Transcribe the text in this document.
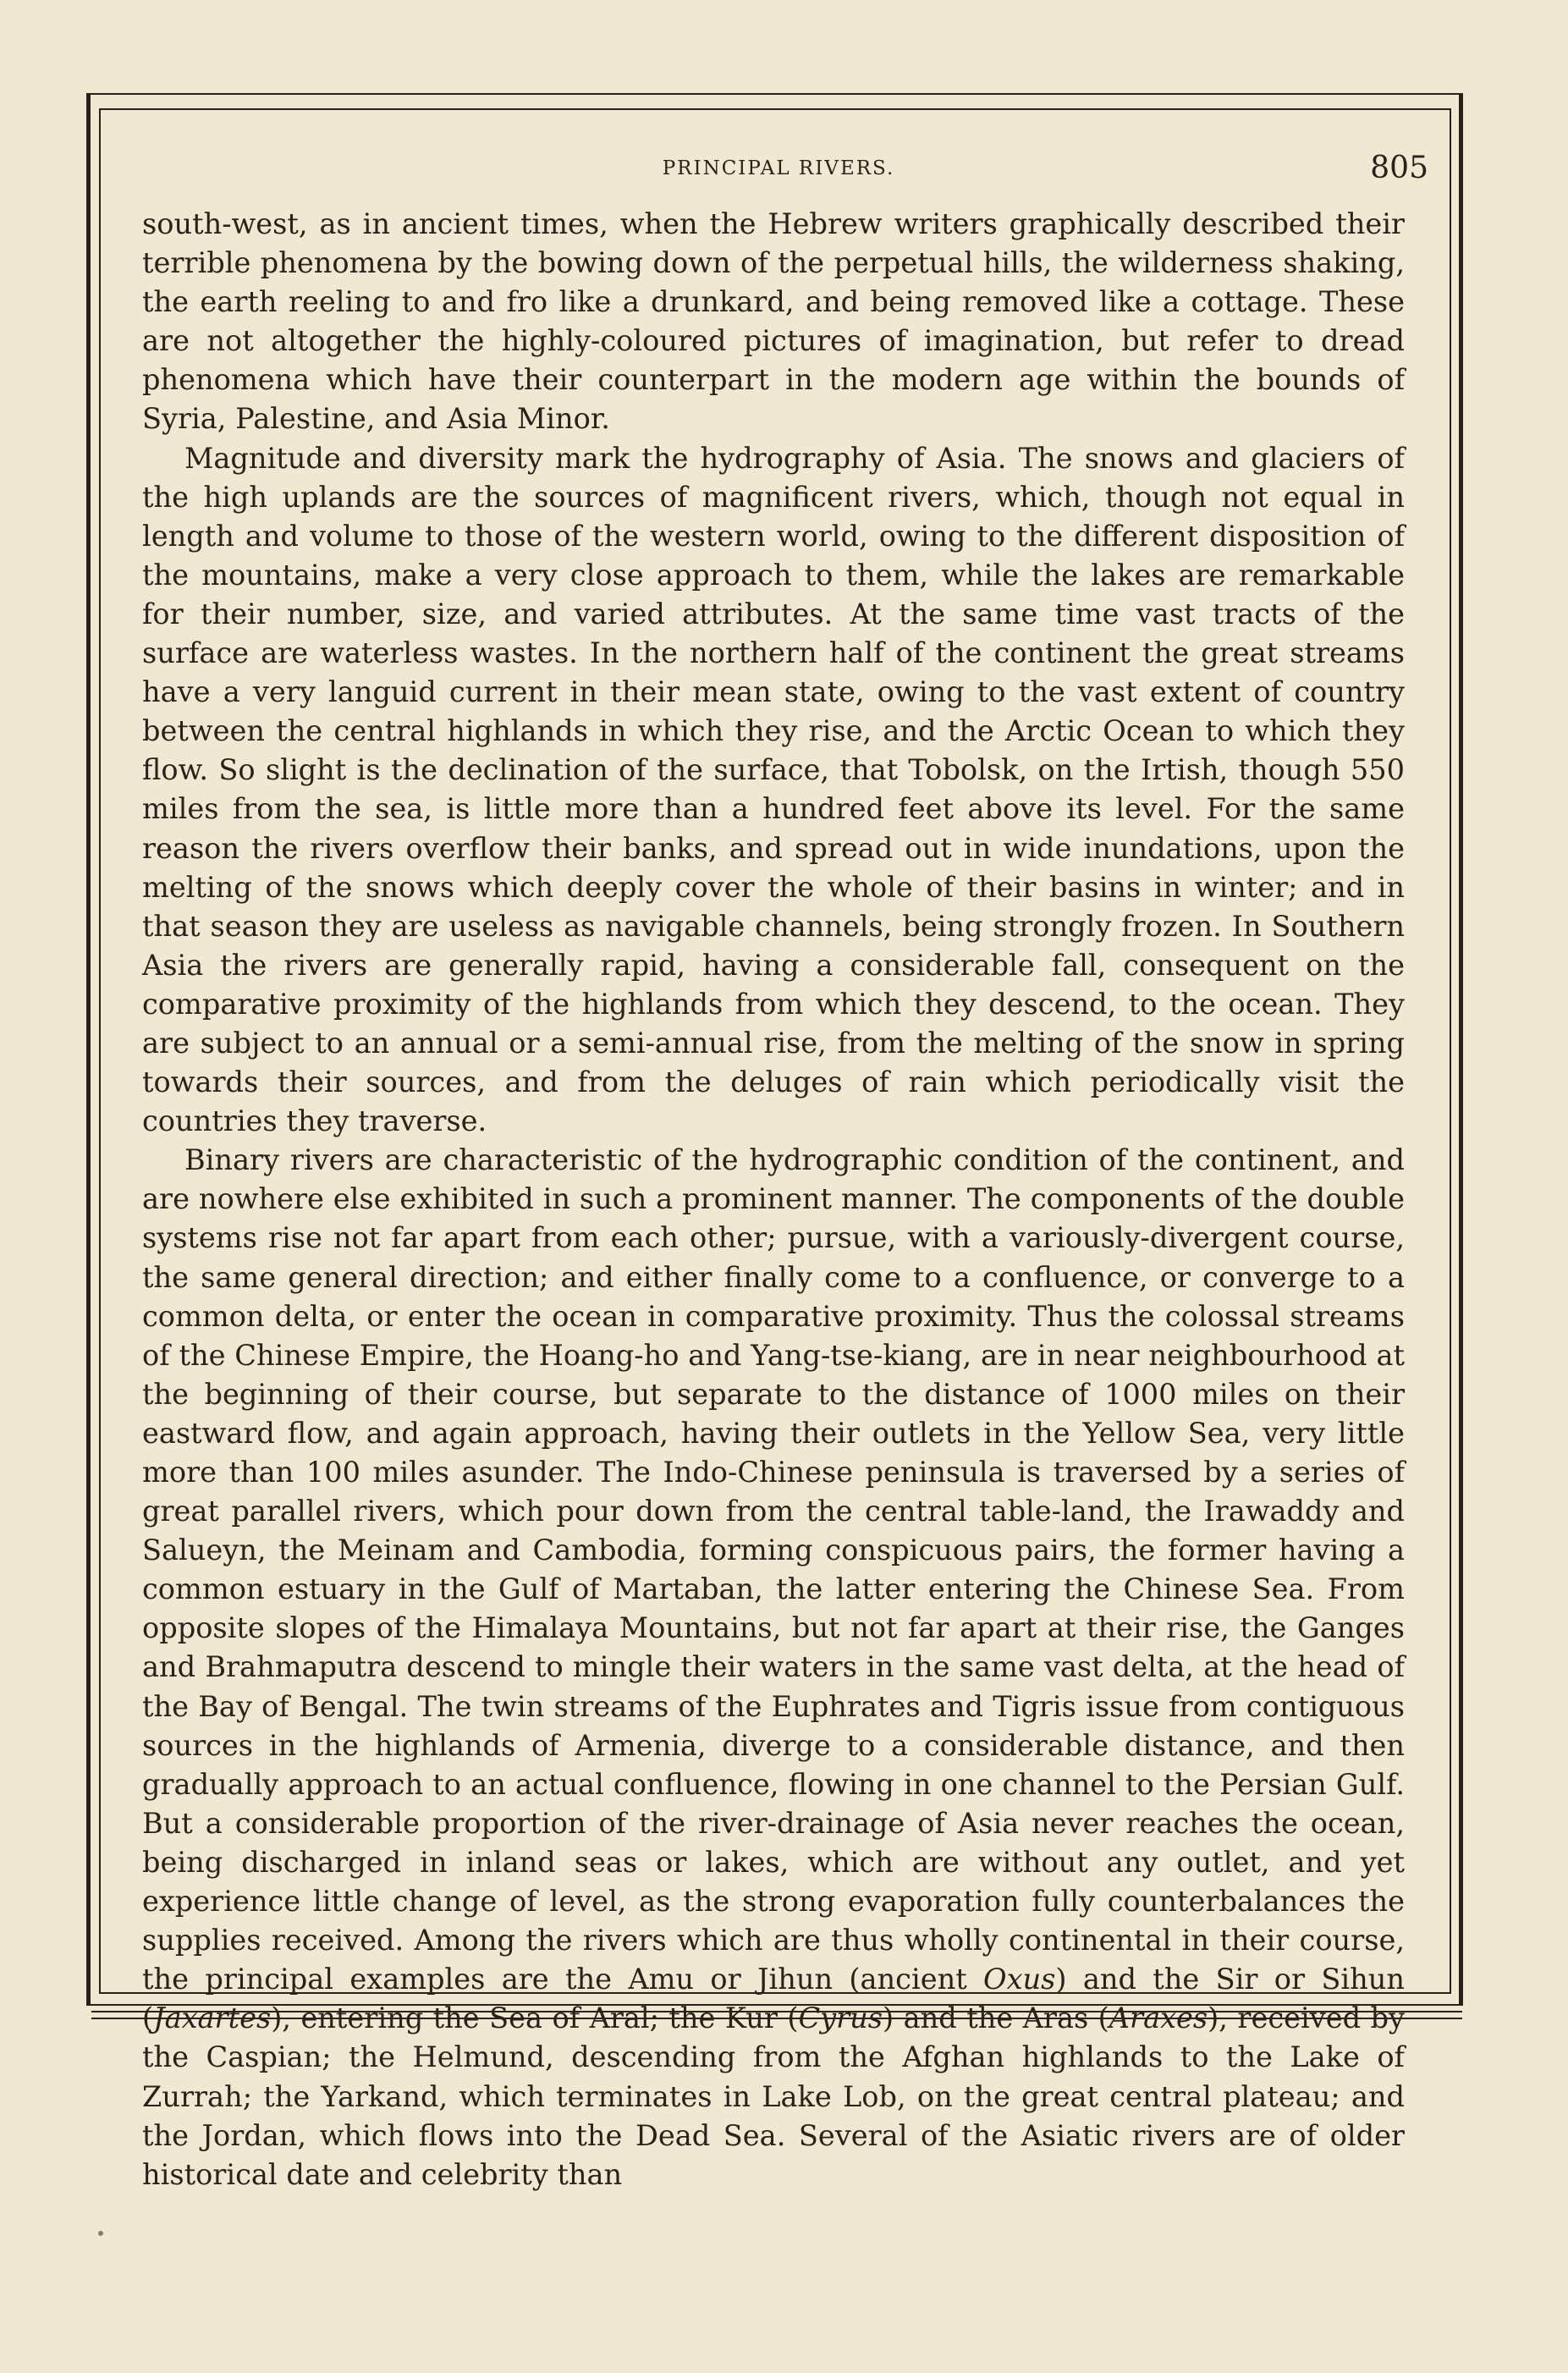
PRINCIPAL RIVERS.	805

south-west, as in ancient times, when the Hebrew writers graphically described their terrible phenomena by the bowing down of the perpetual hills, the wilderness shaking, the earth reeling to and fro like a drunkard, and being removed like a cottage. These are not altogether the highly-coloured pictures of imagination, but refer to dread phenomena which have their counterpart in the modern age within the bounds of Syria, Palestine, and Asia Minor.

Magnitude and diversity mark the hydrography of Asia. The snows and glaciers of the high uplands are the sources of magnificent rivers, which, though not equal in length and volume to those of the western world, owing to the different disposition of the mountains, make a very close approach to them, while the lakes are remarkable for their number, size, and varied attributes. At the same time vast tracts of the surface are waterless wastes. In the northern half of the continent the great streams have a very languid current in their mean state, owing to the vast extent of country between the central highlands in which they rise, and the Arctic Ocean to which they flow. So slight is the declination of the surface, that Tobolsk, on the Irtish, though 550 miles from the sea, is little more than a hundred feet above its level. For the same reason the rivers overflow their banks, and spread out in wide inundations, upon the melting of the snows which deeply cover the whole of their basins in winter; and in that season they are useless as navigable channels, being strongly frozen. In Southern Asia the rivers are generally rapid, having a considerable fall, consequent on the comparative proximity of the highlands from which they descend, to the ocean. They are subject to an annual or a semi-annual rise, from the melting of the snow in spring towards their sources, and from the deluges of rain which periodically visit the countries they traverse.

Binary rivers are characteristic of the hydrographic condition of the continent, and are nowhere else exhibited in such a prominent manner. The components of the double systems rise not far apart from each other; pursue, with a variously-divergent course, the same general direction; and either finally come to a confluence, or converge to a common delta, or enter the ocean in comparative proximity. Thus the colossal streams of the Chinese Empire, the Hoang-ho and Yang-tse-kiang, are in near neighbourhood at the beginning of their course, but separate to the distance of 1000 miles on their eastward flow, and again approach, having their outlets in the Yellow Sea, very little more than 100 miles asunder. The Indo-Chinese peninsula is traversed by a series of great parallel rivers, which pour down from the central table-land, the Irawaddy and Salueyn, the Meinam and Cambodia, forming conspicuous pairs, the former having a common estuary in the Gulf of Martaban, the latter entering the Chinese Sea. From opposite slopes of the Himalaya Mountains, but not far apart at their rise, the Ganges and Brahmaputra descend to mingle their waters in the same vast delta, at the head of the Bay of Bengal. The twin streams of the Euphrates and Tigris issue from contiguous sources in the highlands of Armenia, diverge to a considerable distance, and then gradually approach to an actual confluence, flowing in one channel to the Persian Gulf. But a considerable proportion of the river-drainage of Asia never reaches the ocean, being discharged in inland seas or lakes, which are without any outlet, and yet experience little change of level, as the strong evaporation fully counterbalances the supplies received. Among the rivers which are thus wholly continental in their course, the principal examples are the Amu or Jihun (ancient Oxus) and the Sir or Sihun (Jaxartes), entering the Sea of Aral; the Kur (Cyrus) and the Aras (Araxes), received by the Caspian; the Helmund, descending from the Afghan highlands to the Lake of Zurrah; the Yarkand, which terminates in Lake Lob, on the great central plateau; and the Jordan, which flows into the Dead Sea. Several of the Asiatic rivers are of older historical date and celebrity than
